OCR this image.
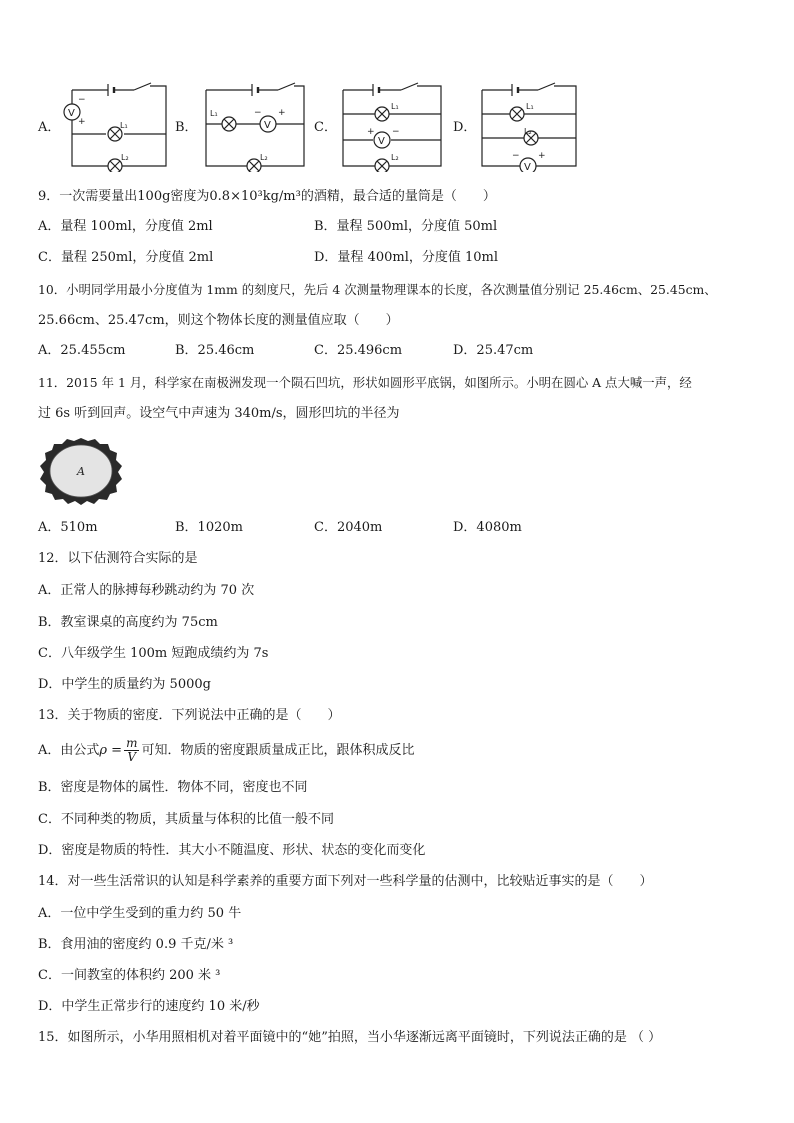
A．	L₁
L₂
V
−
+	B．
L₁
V
− +
L₂
C．
L₁
V
+ −
L₂
D．
L₁
L₂
V
− +
9．一次需要量出100g密度为0.8×10³kg/m³的酒精，最合适的量筒是（　　）
A．量程 100ml，分度值 2ml	B．量程 500ml，分度值 50ml
C．量程 250ml，分度值 2ml	D．量程 400ml，分度值 10ml
10．小明同学用最小分度值为 1mm 的刻度尺，先后 4 次测量物理课本的长度，各次测量值分别记 25.46cm、25.45cm、
25.66cm、25.47cm，则这个物体长度的测量值应取（　　）
A．25.455cm	B．25.46cm	C．25.496cm	D．25.47cm
11．2015 年 1 月，科学家在南极洲发现一个陨石凹坑，形状如圆形平底锅，如图所示。小明在圆心 A 点大喊一声，经
过 6s 听到回声。设空气中声速为 340m/s，圆形凹坑的半径为
A
A．510m	B．1020m	C．2040m	D．4080m
12．以下估测符合实际的是
A．正常人的脉搏每秒跳动约为 70 次
B．教室课桌的高度约为 75cm
C．八年级学生 100m 短跑成绩约为 7s
D．中学生的质量约为 5000g
13．关于物质的密度．下列说法中正确的是（　　）
A．由公式$\rho = \frac{m}{V}$ 可知．物质的密度跟质量成正比，跟体积成反比
B．密度是物体的属性．物体不同，密度也不同
C．不同种类的物质，其质量与体积的比值一般不同
D．密度是物质的特性．其大小不随温度、形状、状态的变化而变化
14．对一些生活常识的认知是科学素养的重要方面下列对一些科学量的估测中，比较贴近事实的是（　　）
A．一位中学生受到的重力约 50 牛
B．食用油的密度约 0.9 千克/米 ³
C．一间教室的体积约 200 米 ³
D．中学生正常步行的速度约 10 米/秒
15．如图所示，小华用照相机对着平面镜中的“她”拍照，当小华逐渐远离平面镜时，下列说法正确的是 （ ）
